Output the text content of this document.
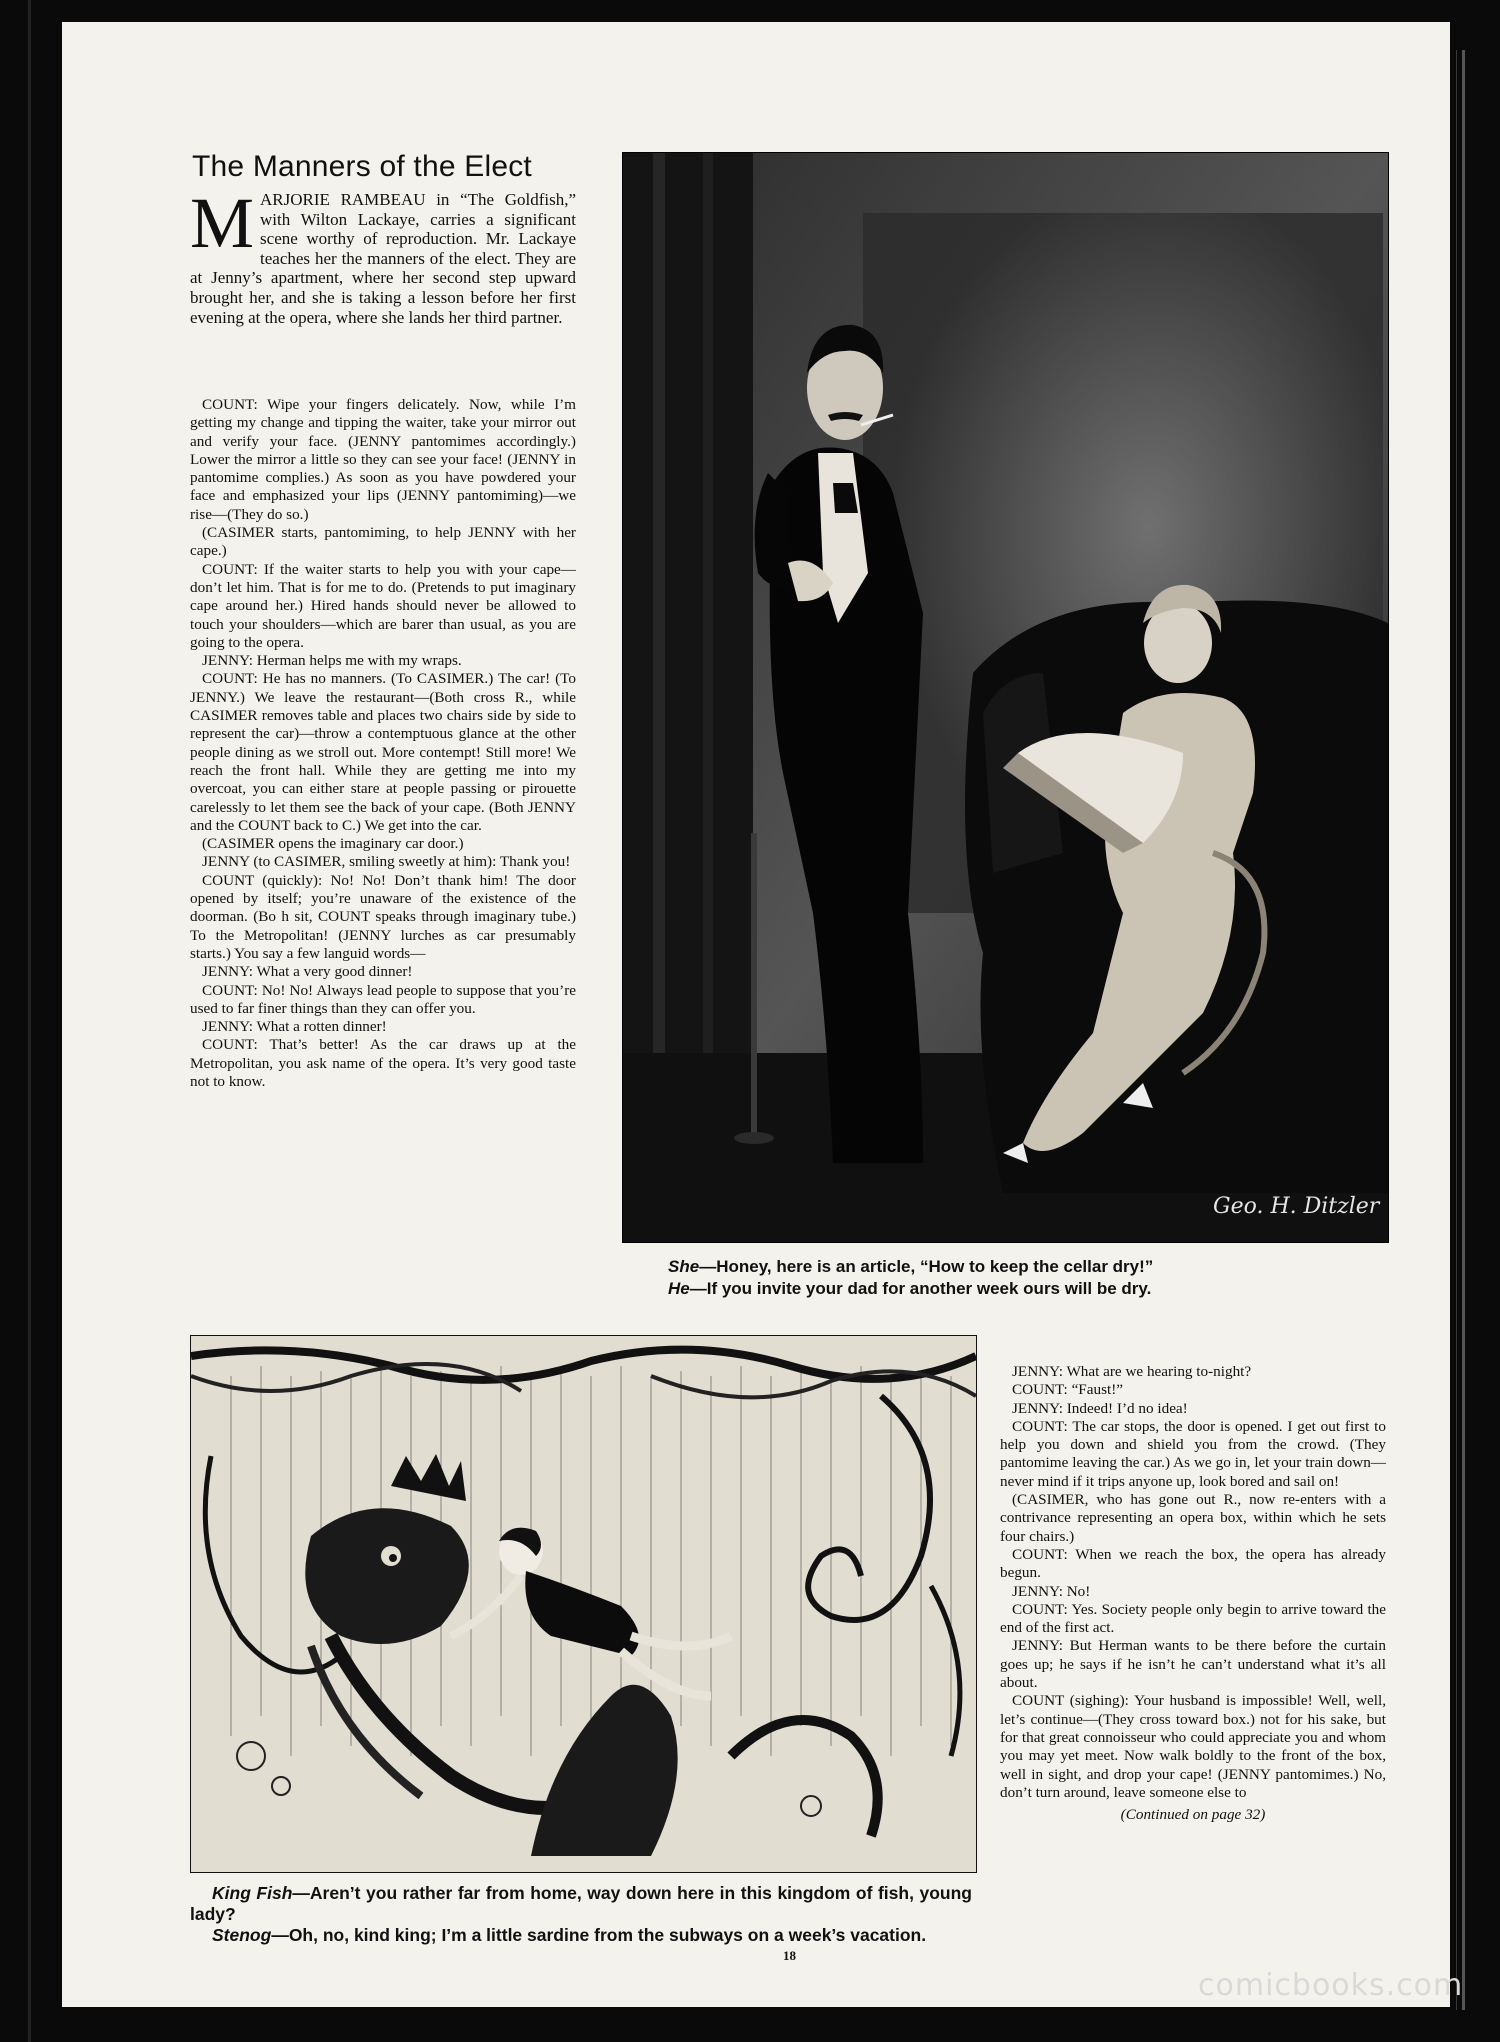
The Manners of the Elect
MARJORIE RAMBEAU in “The Goldfish,” with Wilton Lackaye, carries a significant scene worthy of reproduction. Mr. Lackaye teaches her the manners of the elect. They are at Jenny’s apartment, where her second step upward brought her, and she is taking a lesson before her first evening at the opera, where she lands her third partner.

COUNT: Wipe your fingers delicately. Now, while I’m getting my change and tipping the waiter, take your mirror out and verify your face. (JENNY pantomimes accordingly.) Lower the mirror a little so they can see your face! (JENNY in pantomime complies.) As soon as you have powdered your face and emphasized your lips (JENNY pantomiming)—we rise—(They do so.)

(CASIMER starts, pantomiming, to help JENNY with her cape.)

COUNT: If the waiter starts to help you with your cape—don’t let him. That is for me to do. (Pretends to put imaginary cape around her.) Hired hands should never be allowed to touch your shoulders—which are barer than usual, as you are going to the opera.

JENNY: Herman helps me with my wraps.

COUNT: He has no manners. (To CASIMER.) The car! (To JENNY.) We leave the restaurant—(Both cross R., while CASIMER removes table and places two chairs side by side to represent the car)—throw a contemptuous glance at the other people dining as we stroll out. More contempt! Still more! We reach the front hall. While they are getting me into my overcoat, you can either stare at people passing or pirouette carelessly to let them see the back of your cape. (Both JENNY and the COUNT back to C.) We get into the car.

(CASIMER opens the imaginary car door.)

JENNY (to CASIMER, smiling sweetly at him): Thank you!

COUNT (quickly): No! No! Don’t thank him! The door opened by itself; you’re unaware of the existence of the doorman. (Bo h sit, COUNT speaks through imaginary tube.) To the Metropolitan! (JENNY lurches as car presumably starts.) You say a few languid words—

JENNY: What a very good dinner!

COUNT: No! No! Always lead people to suppose that you’re used to far finer things than they can offer you.

JENNY: What a rotten dinner!

COUNT: That’s better! As the car draws up at the Metropolitan, you ask name of the opera. It’s very good taste not to know.

Geo. H. Ditzler
She—Honey, here is an article, “How to keep the cellar dry!”
He—If you invite your dad for another week ours will be dry.

King Fish—Aren’t you rather far from home, way down here in this kingdom of fish, young lady?

Stenog—Oh, no, kind king; I’m a little sardine from the subways on a week’s vacation.

JENNY: What are we hearing to-night?

COUNT: “Faust!”

JENNY: Indeed! I’d no idea!

COUNT: The car stops, the door is opened. I get out first to help you down and shield you from the crowd. (They pantomime leaving the car.) As we go in, let your train down—never mind if it trips anyone up, look bored and sail on!

(CASIMER, who has gone out R., now re-enters with a contrivance representing an opera box, within which he sets four chairs.)

COUNT: When we reach the box, the opera has already begun.

JENNY: No!

COUNT: Yes. Society people only begin to arrive toward the end of the first act.

JENNY: But Herman wants to be there before the curtain goes up; he says if he isn’t he can’t understand what it’s all about.

COUNT (sighing): Your husband is impossible! Well, well, let’s continue—(They cross toward box.) not for his sake, but for that great connoisseur who could appreciate you and whom you may yet meet. Now walk boldly to the front of the box, well in sight, and drop your cape! (JENNY pantomimes.) No, don’t turn around, leave someone else to

(Continued on page 32)
18
comicbooks.com
